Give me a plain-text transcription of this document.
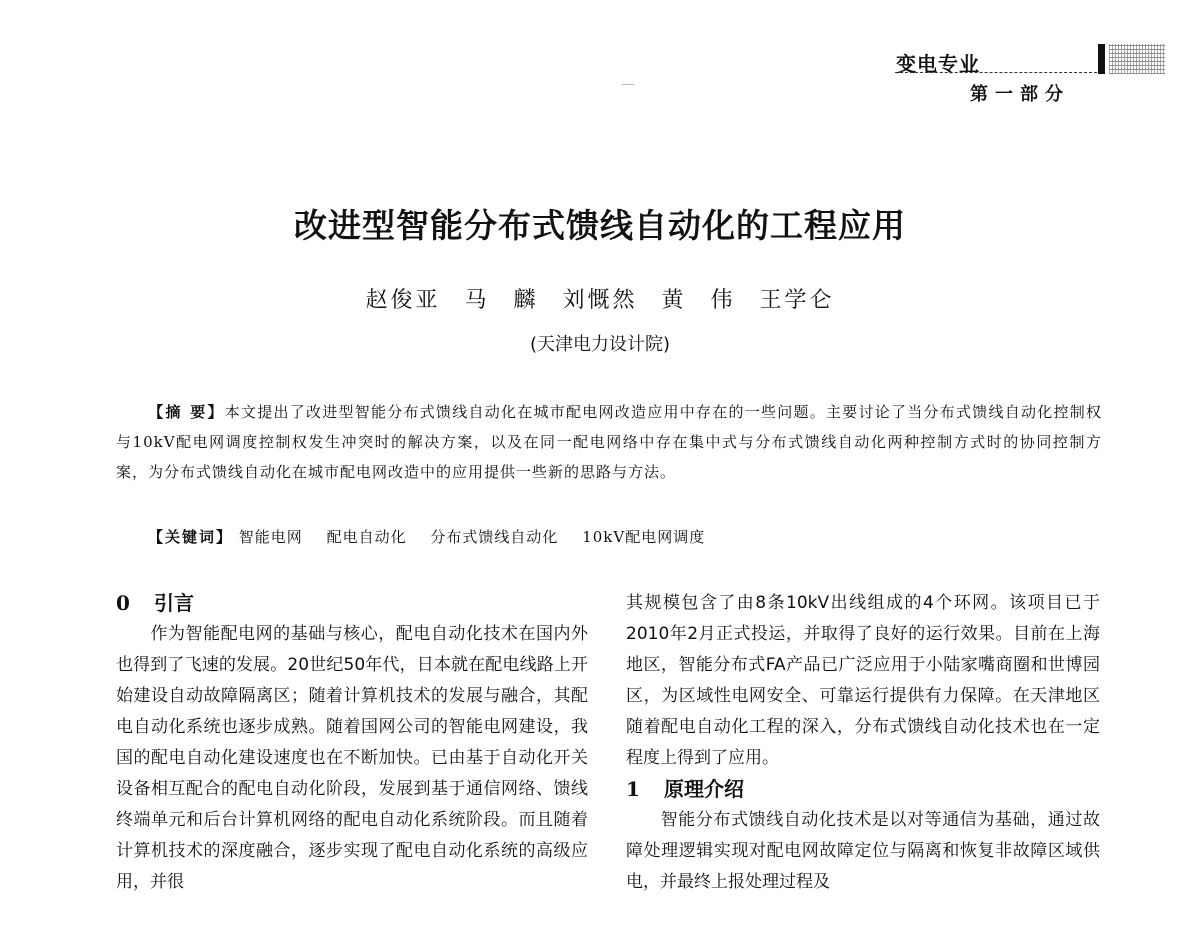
变电专业
第一部分
改进型智能分布式馈线自动化的工程应用
赵俊亚 马 麟 刘慨然 黄 伟 王学仑
(天津电力设计院)
【摘 要】本文提出了改进型智能分布式馈线自动化在城市配电网改造应用中存在的一些问题。主要讨论了当分布式馈线自动化控制权与10kV配电网调度控制权发生冲突时的解决方案，以及在同一配电网络中存在集中式与分布式馈线自动化两种控制方式时的协同控制方案，为分布式馈线自动化在城市配电网改造中的应用提供一些新的思路与方法。
【关键词】 智能电网 配电自动化 分布式馈线自动化 10kV配电网调度

0 引言

作为智能配电网的基础与核心，配电自动化技术在国内外也得到了飞速的发展。20世纪50年代，日本就在配电线路上开始建设自动故障隔离区；随着计算机技术的发展与融合，其配电自动化系统也逐步成熟。随着国网公司的智能电网建设，我国的配电自动化建设速度也在不断加快。已由基于自动化开关设备相互配合的配电自动化阶段，发展到基于通信网络、馈线终端单元和后台计算机网络的配电自动化系统阶段。而且随着计算机技术的深度融合，逐步实现了配电自动化系统的高级应用，并很

其规模包含了由8条10kV出线组成的4个环网。该项目已于2010年2月正式投运，并取得了良好的运行效果。目前在上海地区，智能分布式FA产品已广泛应用于小陆家嘴商圈和世博园区，为区域性电网安全、可靠运行提供有力保障。在天津地区随着配电自动化工程的深入，分布式馈线自动化技术也在一定程度上得到了应用。

1 原理介绍

智能分布式馈线自动化技术是以对等通信为基础，通过故障处理逻辑实现对配电网故障定位与隔离和恢复非故障区域供电，并最终上报处理过程及
